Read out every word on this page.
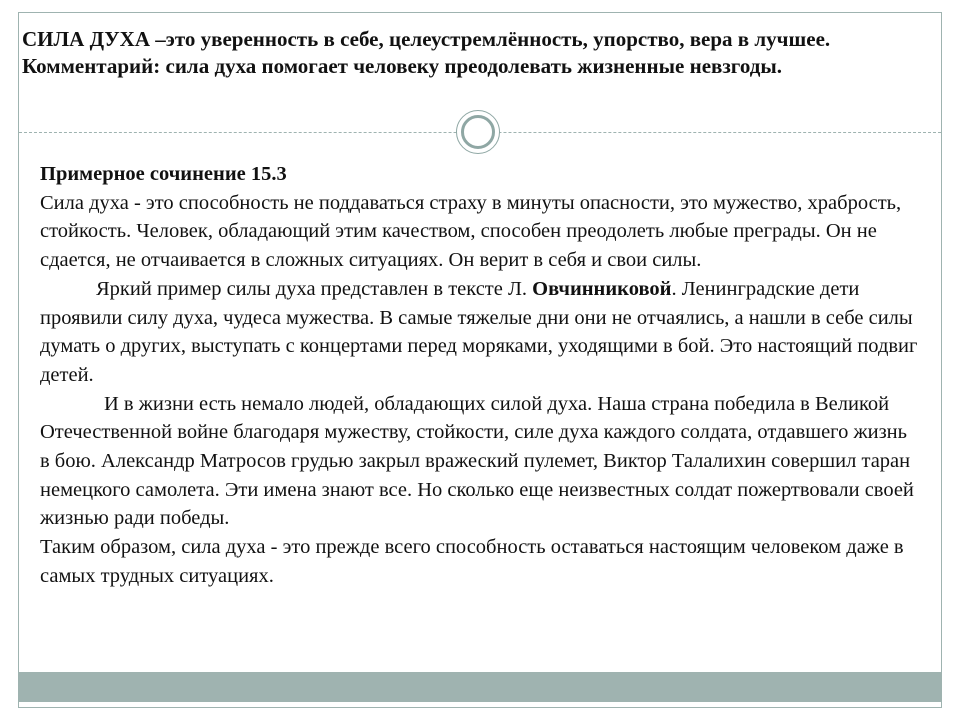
СИЛА ДУХА –это уверенность в себе, целеустремлённость, упорство, вера в лучшее.
Комментарий: сила духа помогает человеку преодолевать жизненные невзгоды.

Примерное сочинение 15.3

Сила духа - это способность не поддаваться страху в минуты опасности, это мужество, храбрость, стойкость. Человек, обладающий этим качеством, способен преодолеть любые преграды. Он не сдается, не отчаивается в сложных ситуациях. Он верит в себя и свои силы.

Яркий пример силы духа представлен в тексте Л. Овчинниковой. Ленинградские дети проявили силу духа, чудеса мужества. В самые тяжелые дни они не отчаялись, а нашли в себе силы думать о других, выступать с концертами перед моряками, уходящими в бой. Это настоящий подвиг детей.

И в жизни есть немало людей, обладающих силой духа. Наша страна победила в Великой Отечественной войне благодаря мужеству, стойкости, силе духа каждого солдата, отдавшего жизнь в бою. Александр Матросов грудью закрыл вражеский пулемет, Виктор Талалихин совершил таран немецкого самолета. Эти имена знают все. Но сколько еще неизвестных солдат пожертвовали своей жизнью ради победы.

Таким образом, сила духа - это прежде всего способность оставаться настоящим человеком даже в самых трудных ситуациях.
